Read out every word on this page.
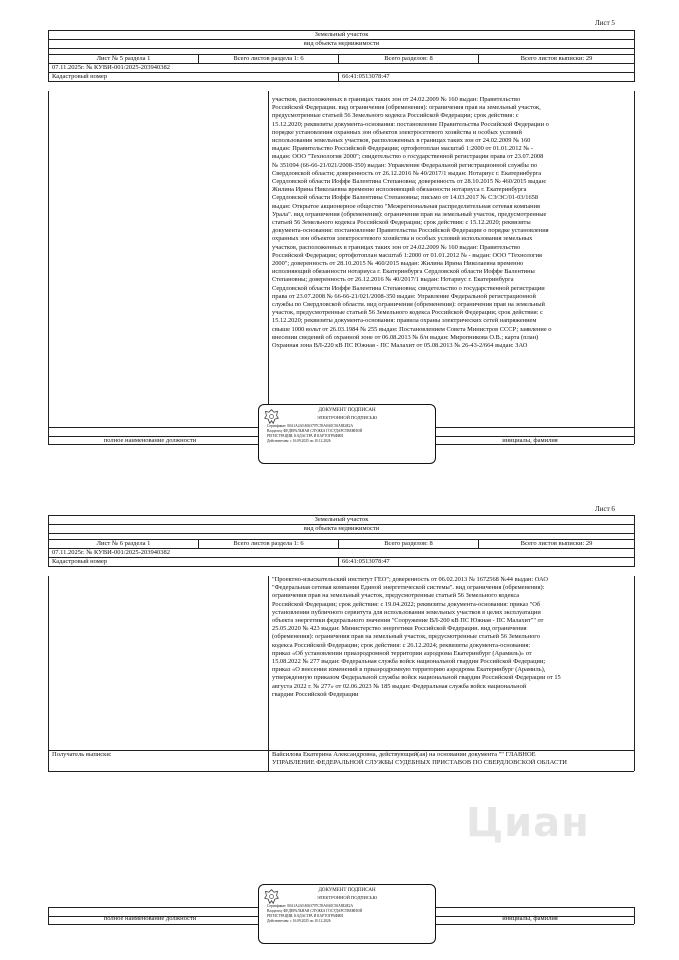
Лист 5
Земельный участок			
вид объекта недвижимости			

Лист № 5 раздела 1	Всего листов раздела 1: 6	Всего разделов: 8	Всего листов выписки: 29
07.11.2025г. № КУВИ-001/2025-203940382			
Кадастровый номер		66:41:0513078:47	
участков, расположенных в границах таких зон от 24.02.2009 № 160 выдан: Правительство
Российской Федерации. вид ограничения (обременения): ограничения прав на земельный участок,
предусмотренные статьей 56 Земельного кодекса Российской Федерации; срок действия: с
15.12.2020; реквизиты документа-основания: постановление Правительства Российской Федерации о
порядке установления охранных зон объектов электросетевого хозяйства и особых условий
использования земельных участков, расположенных в границах таких зон от 24.02.2009 № 160
выдан: Правительство Российской Федерации; ортофотоплан масштаб 1:2000 от 01.01.2012 № -
выдан: ООО "Технология 2000"; свидетельство о государственной регистрации права от 23.07.2008
№ 351094 (66-66-21/021/2008-350) выдан: Управление Федеральной регистрационной службы по
Свердловской области; доверенность от 26.12.2016 № 40/2017/1 выдан: Нотариус г. Екатеринбурга
Сердловской области Иоффе Валентина Степановна; доверенность от 28.10.2015 № 460/2015 выдан:
Жилина Ирина Николаевна временно исполняющий обязанности нотариуса г. Екатеринбурга
Сердловской области Иоффе Валентины Степановны; письмо от 14.03.2017 № СЭ/ЭС/01-03/1658
выдан: Открытое акционерное общество "Межрегиональная распределительная сетевая компания
Урала". вид ограничения (обременения): ограничения прав на земельный участок, предусмотренные
статьей 56 Земельного кодекса Российской Федерации; срок действия: с 15.12.2020; реквизиты
документа-основания: постановление Правительства Российской Федерации о порядке установления
охранных зон объектов электросетевого хозяйства и особых условий использования земельных
участков, расположенных в границах таких зон от 24.02.2009 № 160 выдан: Правительство
Российской Федерации; ортофотоплан масштаб 1:2000 от 01.01.2012 № - выдан: ООО "Технология
2000"; доверенность от 28.10.2015 № 460/2015 выдан: Жилина Ирина Николаевна временно
исполняющий обязанности нотариуса г. Екатеринбурга Сердловской области Иоффе Валентины
Степановны; доверенность от 26.12.2016 № 40/2017/1 выдан: Нотариус г. Екатеринбурга
Сердловской области Иоффе Валентина Степановна; свидетельство о государственной регистрации
права от 23.07.2008 № 66-66-21/021/2008-350 выдан: Управление Федеральной регистрационной
службы по Свердловской области. вид ограничения (обременения): ограничения прав на земельный
участок, предусмотренные статьей 56 Земельного кодекса Российской Федерации; срок действия: с
15.12.2020; реквизиты документа-основания: правила охраны электрических сетей напряжением
свыше 1000 вольт от 26.03.1984 № 255 выдан: Постановлением Совета Министров СССР; заявление о
внесении сведений об охранной зоне от 06.08.2013 № б/н выдан: Миропникова О.В.; карта (план)
Охранная зона ВЛ-220 кВ ПС Южная - ПС Малахит от 05.08.2013 № 26-43-2/664 выдан: ЗАО
полное наименование должности	инициалы, фамилия
ДОКУМЕНТ ПОДПИСАН
ЭЛЕКТРОННОЙ ПОДПИСЬЮ
Сертификат: 00A1A4A5A063797C59A0A0C50A8E4E2A
Владелец: ФЕДЕРАЛЬНАЯ СЛУЖБА ГОСУДАРСТВЕННОЙ
РЕГИСТРАЦИИ, КАДАСТРА И КАРТОГРАФИИ
Действителен: с 16.09.2025 по 10.12.2026
Лист 6
Земельный участок			
вид объекта недвижимости			

Лист № 6 раздела 1	Всего листов раздела 1: 6	Всего разделов: 8	Всего листов выписки: 29
07.11.2025г. № КУВИ-001/2025-203940382			
Кадастровый номер		66:41:0513078:47	
"Проектно-изыскательский институт ГЕО"; доверенность от 06.02.2013 № 1672568 №44 выдан: ОАО
"Федеральная сетевая компания Единой энергетической системы". вид ограничения (обременения):
ограничения прав на земельный участок, предусмотренные статьей 56 Земельного кодекса
Российской Федерации; срок действия: с 19.04.2022; реквизиты документа-основания: приказ "Об
установлении публичного сервитута для использования земельных участков в целях эксплуатации
объекта энергетики федерального значения "Сооружение ВЛ-200 кВ ПС Южная - ПС Малахит"" от
25.05.2020 № 423 выдан: Министерство энергетики Российской Федерации. вид ограничения
(обременения): ограничения прав на земельный участок, предусмотренные статьей 56 Земельного
кодекса Российской Федерации; срок действия: с 26.12.2024; реквизиты документа-основания:
приказ «Об установлении приаэродромной территории аэродрома Екатеринбург (Арамиль)» от
15.08.2022 № 277 выдан: Федеральная служба войск национальной гвардии Российской Федерации;
приказ «О внесении изменений в приаэродромную территорию аэродрома Екатеринбург (Арамиль),
утвержденную приказом Федеральной службы войск национальной гвардии Российской Федерации от 15
августа 2022 г. № 277» от 02.06.2023 № 185 выдан: Федеральная служба войск национальной
гвардии Российской Федерации
Получатель выписки:	Вайсилова Екатерина Александровна, действующий(ая) на основании документа "" ГЛАВНОЕ
УПРАВЛЕНИЕ ФЕДЕРАЛЬНОЙ СЛУЖБЫ СУДЕБНЫХ ПРИСТАВОВ ПО СВЕРДЛОВСКОЙ ОБЛАСТИ
Циан
полное наименование должности	инициалы, фамилия
ДОКУМЕНТ ПОДПИСАН
ЭЛЕКТРОННОЙ ПОДПИСЬЮ
Сертификат: 00A1A4A5A063797C59A0A0C50A8E4E2A
Владелец: ФЕДЕРАЛЬНАЯ СЛУЖБА ГОСУДАРСТВЕННОЙ
РЕГИСТРАЦИИ, КАДАСТРА И КАРТОГРАФИИ
Действителен: с 16.09.2025 по 10.12.2026
